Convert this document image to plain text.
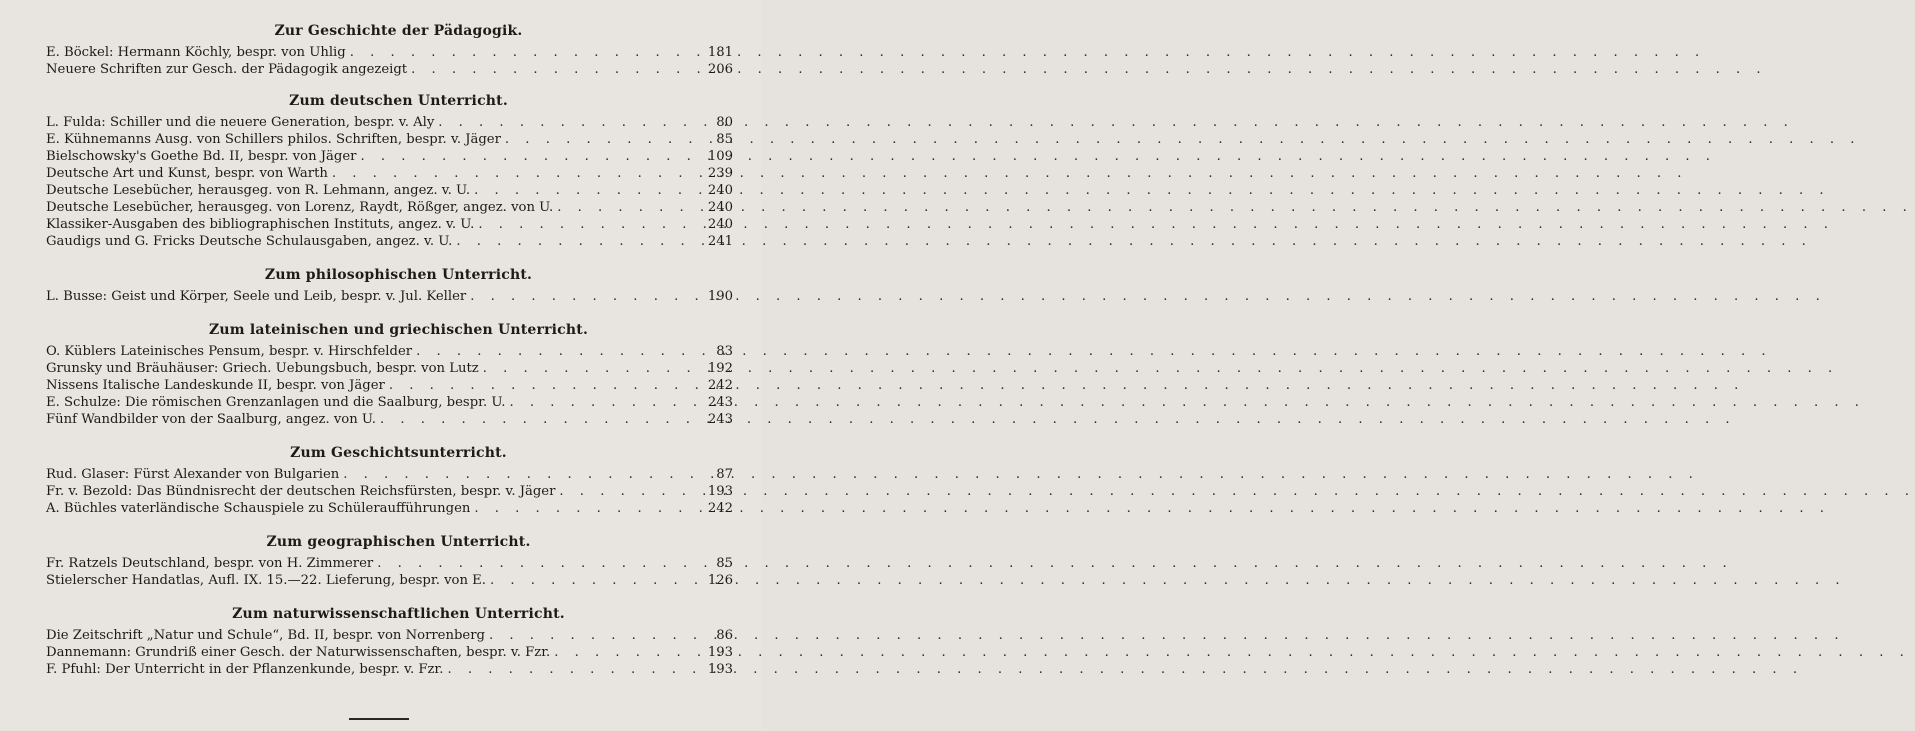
Zur Geschichte der Pädagogik.
E. Böckel: Hermann Köchly, bespr. von Uhlig . . .	181
Neuere Schriften zur Gesch. der Pädagogik angezeigt . . .	206
Zum deutschen Unterricht.
L. Fulda: Schiller und die neuere Generation, bespr. v. Aly . . .	80
E. Kühnemanns Ausg. von Schillers philos. Schriften, bespr. v. Jäger . . .	85
Bielschowsky's Goethe Bd. II, bespr. von Jäger . . .	109
Deutsche Art und Kunst, bespr. von Warth . . .	239
Deutsche Lesebücher, herausgeg. von R. Lehmann, angez. v. U. . . .	240
Deutsche Lesebücher, herausgeg. von Lorenz, Raydt, Rößger, angez. von U. . . .	240
Klassiker-Ausgaben des bibliographischen Instituts, angez. v. U. . . .	240
Gaudigs und G. Fricks Deutsche Schulausgaben, angez. v. U. . . .	241
Zum philosophischen Unterricht.
L. Busse: Geist und Körper, Seele und Leib, bespr. v. Jul. Keller . . .	190
Zum lateinischen und griechischen Unterricht.
O. Küblers Lateinisches Pensum, bespr. v. Hirschfelder . . .	83
Grunsky und Bräuhäuser: Griech. Uebungsbuch, bespr. von Lutz . . .	192
Nissens Italische Landeskunde II, bespr. von Jäger . . .	242
E. Schulze: Die römischen Grenzanlagen und die Saalburg, bespr. U. . . .	243
Fünf Wandbilder von der Saalburg, angez. von U. . . .	243
Zum Geschichtsunterricht.
Rud. Glaser: Fürst Alexander von Bulgarien . . .	87
Fr. v. Bezold: Das Bündnisrecht der deutschen Reichsfürsten, bespr. v. Jäger . . .	193
A. Büchles vaterländische Schauspiele zu Schüleraufführungen . . .	242
Zum geographischen Unterricht.
Fr. Ratzels Deutschland, bespr. von H. Zimmerer . . .	85
Stielerscher Handatlas, Aufl. IX. 15.—22. Lieferung, bespr. von E. . . .	126
Zum naturwissenschaftlichen Unterricht.
Die Zeitschrift „Natur und Schule“, Bd. II, bespr. von Norrenberg . . .	86
Dannemann: Grundriß einer Gesch. der Naturwissenschaften, bespr. v. Fzr. . . .	193
F. Pfuhl: Der Unterricht in der Pflanzenkunde, bespr. v. Fzr. . . .	193
